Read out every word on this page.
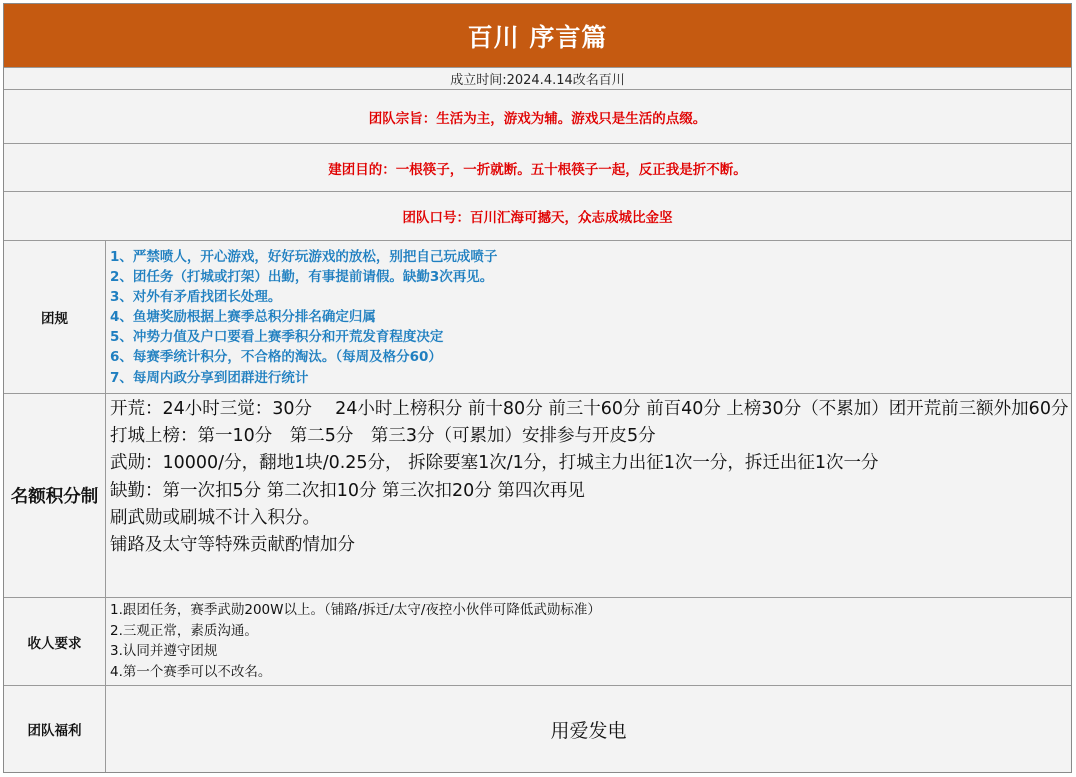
百川 序言篇
成立时间:2024.4.14改名百川
团队宗旨：生活为主，游戏为辅。游戏只是生活的点缀。
建团目的：一根筷子，一折就断。五十根筷子一起，反正我是折不断。
团队口号：百川汇海可撼天，众志成城比金坚
团规
1、严禁喷人，开心游戏，好好玩游戏的放松，别把自己玩成喷子
2、团任务（打城或打架）出勤，有事提前请假。缺勤3次再见。
3、对外有矛盾找团长处理。
4、鱼塘奖励根据上赛季总积分排名确定归属
5、冲势力值及户口要看上赛季积分和开荒发育程度决定
6、每赛季统计积分，不合格的淘汰。（每周及格分60）
7、每周内政分享到团群进行统计
名额积分制
开荒：24小时三觉：30分　 24小时上榜积分 前十80分 前三十60分 前百40分 上榜30分（不累加）团开荒前三额外加60分
打城上榜：第一10分　第二5分　第三3分（可累加）安排参与开皮5分
武勋：10000/分，翻地1块/0.25分， 拆除要塞1次/1分，打城主力出征1次一分，拆迁出征1次一分
缺勤：第一次扣5分 第二次扣10分 第三次扣20分 第四次再见
刷武勋或刷城不计入积分。
铺路及太守等特殊贡献酌情加分
收人要求
1.跟团任务，赛季武勋200W以上。（铺路/拆迁/太守/夜控小伙伴可降低武勋标准）
2.三观正常，素质沟通。
3.认同并遵守团规
4.第一个赛季可以不改名。
团队福利	用爱发电
